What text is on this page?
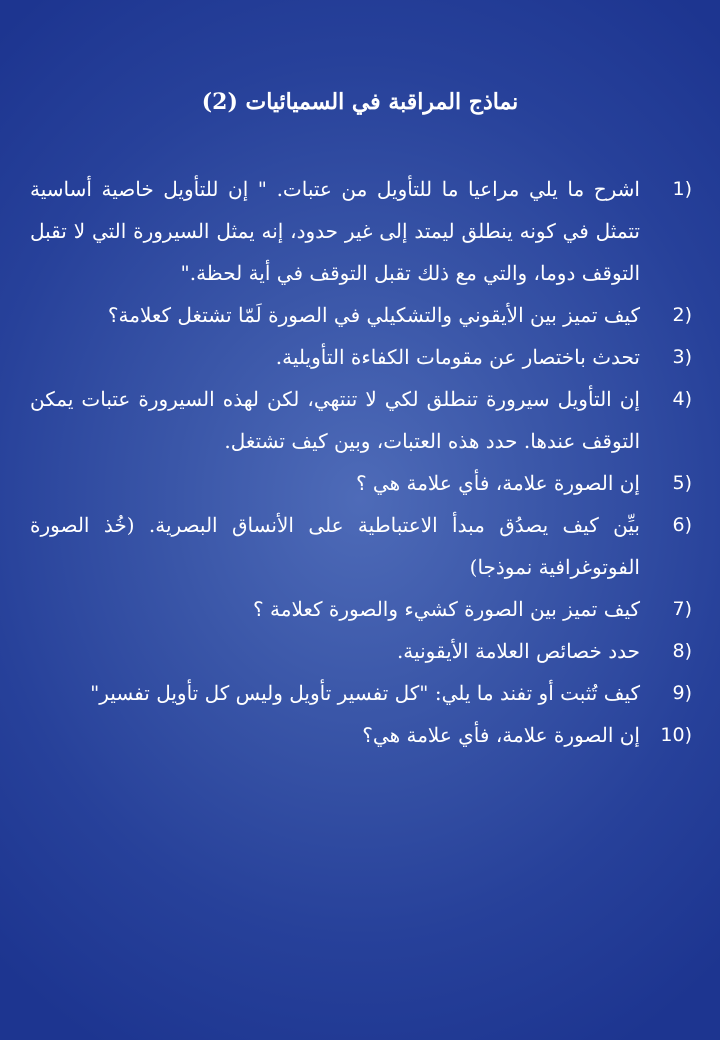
نماذج المراقبة في السميائيات (2)
1)
اشرح ما يلي مراعيا ما للتأويل من عتبات. " إن للتأويل خاصية أساسية تتمثل في كونه ينطلق ليمتد إلى غير حدود، إنه يمثل السيرورة التي لا تقبل التوقف دوما، والتي مع ذلك تقبل التوقف في أية لحظة."
2)
كيف تميز بين الأيقوني والتشكيلي في الصورة لَمّا تشتغل كعلامة؟
3)
تحدث باختصار عن مقومات الكفاءة التأويلية.
4)
إن التأويل سيرورة تنطلق لكي لا تنتهي، لكن لهذه السيرورة عتبات يمكن التوقف عندها. حدد هذه العتبات، وبين كيف تشتغل.
5)
إن الصورة علامة، فأي علامة هي ؟
6)
بيِّن كيف يصدُق مبدأ الاعتباطية على الأنساق البصرية. (خُذ الصورة الفوتوغرافية نموذجا)
7)
كيف تميز بين الصورة كشيء والصورة كعلامة ؟
8)
حدد خصائص العلامة الأيقونية.
9)
كيف تُثبت أو تفند ما يلي: "كل تفسير تأويل وليس كل تأويل تفسير"
10)
إن الصورة علامة، فأي علامة هي؟
